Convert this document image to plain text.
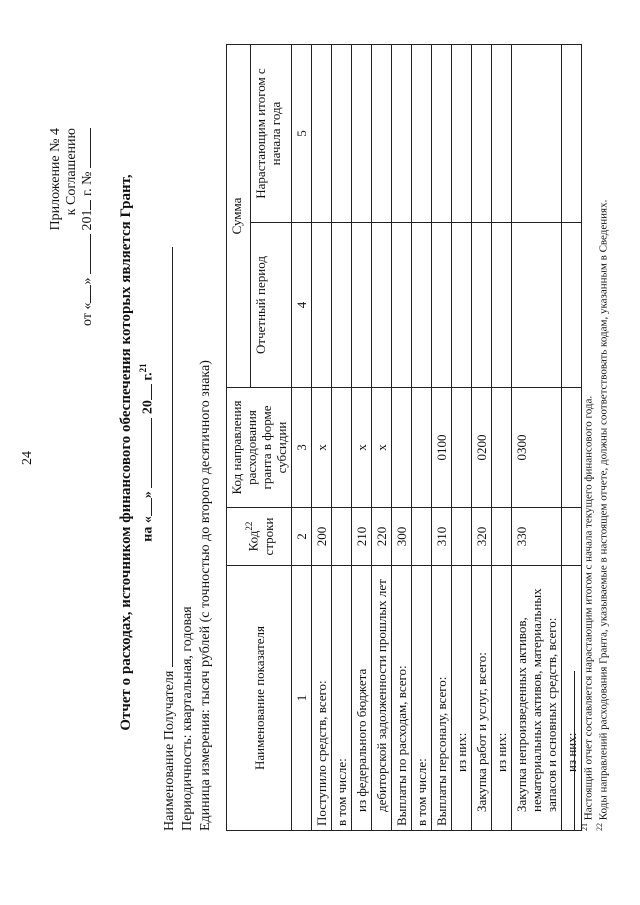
24
Приложение № 4 к Соглашению
от «»  201 г. № Отчет о расходах, источником финансового обеспечения которых является Грант, на «»  20 г.$^{21}$
Наименование Получателя Периодичность: квартальная, годовая Единица измерения: тысяч рублей (с точностью до второго десятичного знака)	Наименование показателя	Код$^{22}$ строки	Код направления расходования гранта в форме субсидии	Сумма	
			Отчетный период	Нарастающим итогом с начала года
1	2	3	4	5
Поступило средств, всего:	200	x		
в том числе:				
из федерального бюджета	210	x		
дебиторской задолженности прошлых лет	220	x		
Выплаты по расходам, всего:	300			
в том числе:				
Выплаты персоналу, всего:	310	0100		
из них:				
Закупка работ и услуг, всего:	320	0200		
из них:				
Закупка непроизведенных активов, нематериальных активов, материальных запасов и основных средств, всего:	330	0300		
из них:				
$^{21}$ Настоящий отчет составляется нарастающим итогом с начала текущего финансового года.
$^{22}$ Коды направлений расходования Гранта, указываемые в настоящем отчете, должны соответствовать кодам, указанным в Сведениях.
